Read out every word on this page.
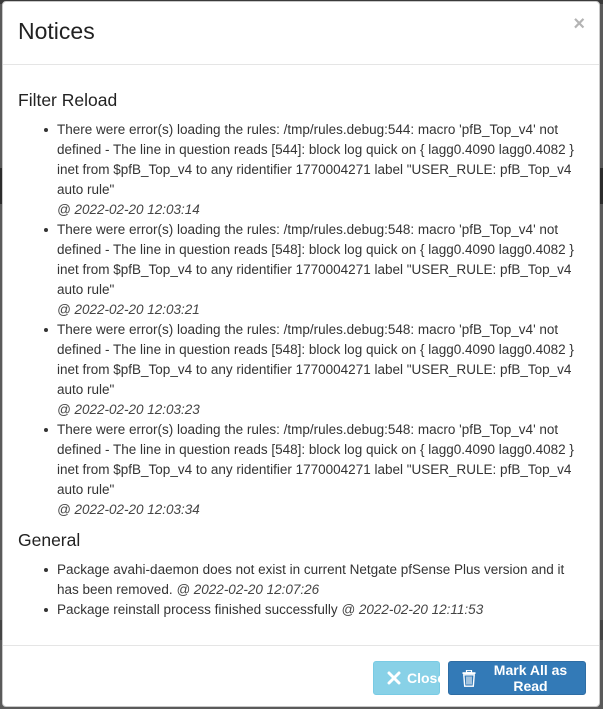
Notices	×
Filter Reload
There were error(s) loading the rules: /tmp/rules.debug:544: macro 'pfB_Top_v4' not defined - The line in question reads [544]: block log quick on { lagg0.4090 lagg0.4082 } inet from $pfB_Top_v4 to any ridentifier 1770004271 label "USER_RULE: pfB_Top_v4 auto rule"
@ 2022-02-20 12:03:14
There were error(s) loading the rules: /tmp/rules.debug:548: macro 'pfB_Top_v4' not defined - The line in question reads [548]: block log quick on { lagg0.4090 lagg0.4082 } inet from $pfB_Top_v4 to any ridentifier 1770004271 label "USER_RULE: pfB_Top_v4 auto rule"
@ 2022-02-20 12:03:21
There were error(s) loading the rules: /tmp/rules.debug:548: macro 'pfB_Top_v4' not defined - The line in question reads [548]: block log quick on { lagg0.4090 lagg0.4082 } inet from $pfB_Top_v4 to any ridentifier 1770004271 label "USER_RULE: pfB_Top_v4 auto rule"
@ 2022-02-20 12:03:23
There were error(s) loading the rules: /tmp/rules.debug:548: macro 'pfB_Top_v4' not defined - The line in question reads [548]: block log quick on { lagg0.4090 lagg0.4082 } inet from $pfB_Top_v4 to any ridentifier 1770004271 label "USER_RULE: pfB_Top_v4 auto rule"
@ 2022-02-20 12:03:34
General
Package avahi-daemon does not exist in current Netgate pfSense Plus version and it has been removed. @ 2022-02-20 12:07:26
Package reinstall process finished successfully @ 2022-02-20 12:11:53
Close	Mark All as Read
